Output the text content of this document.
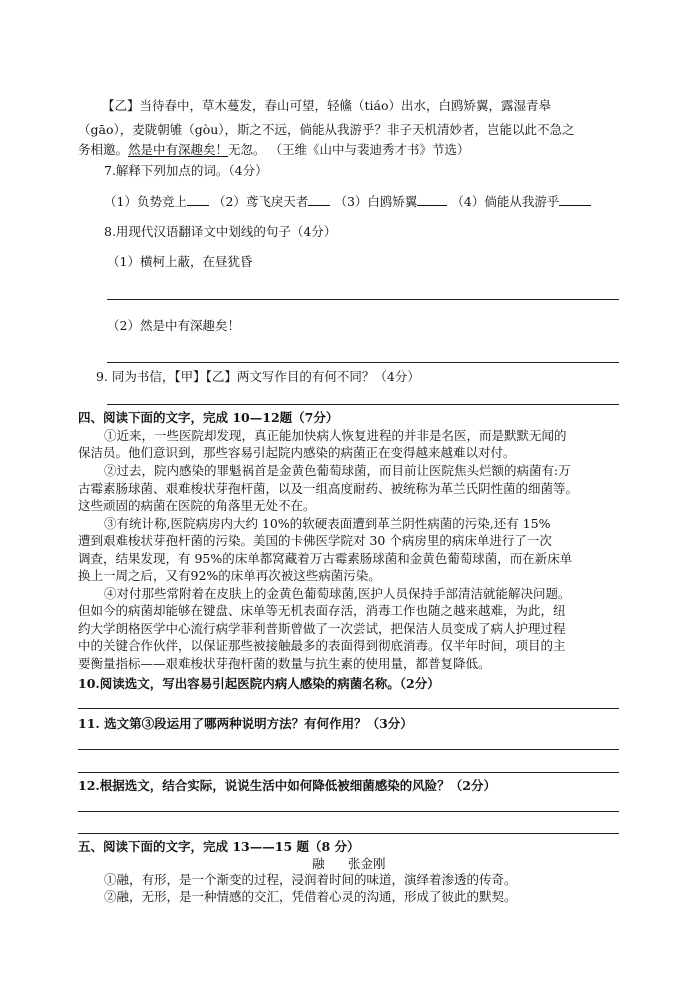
【乙】当待春中，草木蔓发，春山可望，轻鯈（tiáo）出水，白鸥矫翼，露湿青皋
（gāo），麦陇朝雊（gòu），斯之不远，倘能从我游乎？非子天机清妙者，岂能以此不急之
务相邀。然是中有深趣矣！无忽。 （王维《山中与裴迪秀才书》节选）
7.解释下列加点的词。（4分）
（1）负势竞上 （2）鸢飞戾天者 （3）白鸥矫翼	（4）倘能从我游乎
8.用现代汉语翻译文中划线的句子（4分）
（1）横柯上蔽，在昼犹昏
（2）然是中有深趣矣！
9. 同为书信，【甲】【乙】两文写作目的有何不同？（4分）
四、阅读下面的文字，完成 10—12题（7分）
①近来，一些医院却发现，真正能加快病人恢复进程的并非是名医，而是默默无闻的
保洁员。他们意识到，那些容易引起院内感染的病菌正在变得越来越难以对付。
②过去，院内感染的罪魁祸首是金黄色葡萄球菌，而目前让医院焦头烂额的病菌有:万
古霉素肠球菌、艰难梭状芽孢杆菌，以及一组高度耐药、被统称为革兰氏阴性菌的细菌等。
这些顽固的病菌在医院的角落里无处不在。
③有统计称,医院病房内大约 10%的软硬表面遭到革兰阴性病菌的污染,还有 15%
遭到艰难梭状芽孢杆菌的污染。美国的卡佛医学院对 30 个病房里的病床单进行了一次
调查，结果发现，有 95%的床单都窝藏着万古霉素肠球菌和金黄色葡萄球菌，而在新床单
换上一周之后，又有92%的床单再次被这些病菌污染。
④对付那些常附着在皮肤上的金黄色葡萄球菌,医护人员保持手部清洁就能解决问题。
但如今的病菌却能够在键盘、床单等无机表面存活，消毒工作也随之越来越难，为此，纽
约大学朗格医学中心流行病学菲利普斯曾做了一次尝试，把保洁人员变成了病人护理过程
中的关键合作伙伴，以保证那些被接触最多的表面得到彻底消毒。仅半年时间，项目的主
要衡量指标——艰难梭状芽孢杆菌的数量与抗生素的使用量，都普复降低。
10.阅读选文，写出容易引起医院内病人感染的病菌名称。（2分）
11. 选文第③段运用了哪两种说明方法？有何作用？（3分）
12.根据选文，结合实际，说说生活中如何降低被细菌感染的风险？（2分）
五、阅读下面的文字，完成 13——15 题（8 分）
融 张金刚
①融，有形，是一个渐变的过程，浸润着时间的味道，演绎着渗透的传奇。
②融，无形，是一种情感的交汇，凭借着心灵的沟通，形成了彼此的默契。
